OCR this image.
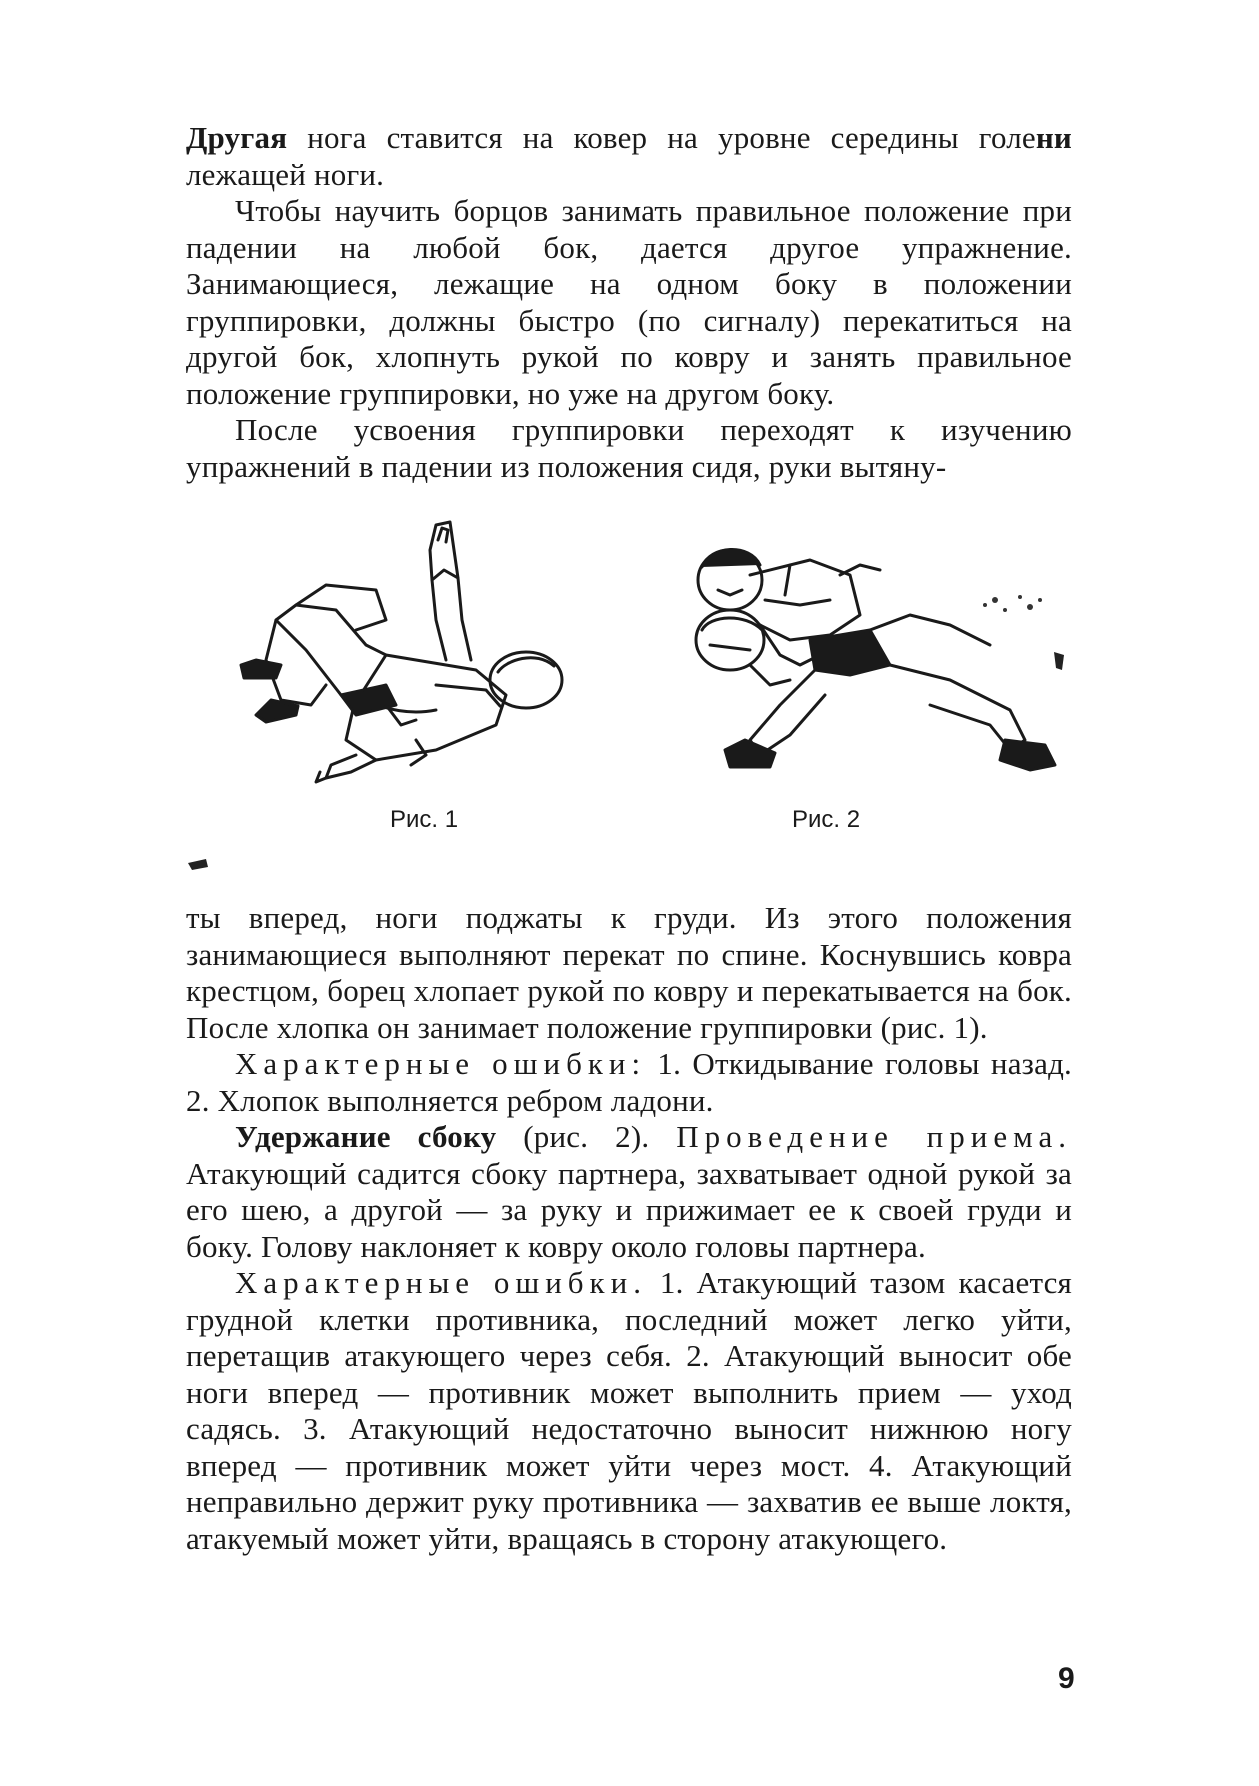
Другая нога ставится на ковер на уровне середины голени лежащей ноги.

Чтобы научить борцов занимать правильное положение при падении на любой бок, дается другое упражнение. Занимающиеся, лежащие на одном боку в положении группировки, должны быстро (по сигналу) перекатиться на другой бок, хлопнуть рукой по ковру и занять правильное положение группировки, но уже на другом боку.

После усвоения группировки переходят к изучению упражнений в падении из положения сидя, руки вытяну-

Рис. 1	Рис. 2

ты вперед, ноги поджаты к груди. Из этого положения занимающиеся выполняют перекат по спине. Коснувшись ковра крестцом, борец хлопает рукой по ковру и перекатывается на бок. После хлопка он занимает положение группировки (рис. 1).

Характерные ошибки: 1. Откидывание головы назад. 2. Хлопок выполняется ребром ладони.

Удержание сбоку (рис. 2). Проведение приема. Атакующий садится сбоку партнера, захватывает одной рукой за его шею, а другой — за руку и прижимает ее к своей груди и боку. Голову наклоняет к ковру около головы партнера.

Характерные ошибки. 1. Атакующий тазом касается грудной клетки противника, последний может легко уйти, перетащив атакующего через себя. 2. Атакующий выносит обе ноги вперед — противник может выполнить прием — уход садясь. 3. Атакующий недостаточно выносит нижнюю ногу вперед — противник может уйти через мост. 4. Атакующий неправильно держит руку противника — захватив ее выше локтя, атакуемый может уйти, вращаясь в сторону атакующего.

9
